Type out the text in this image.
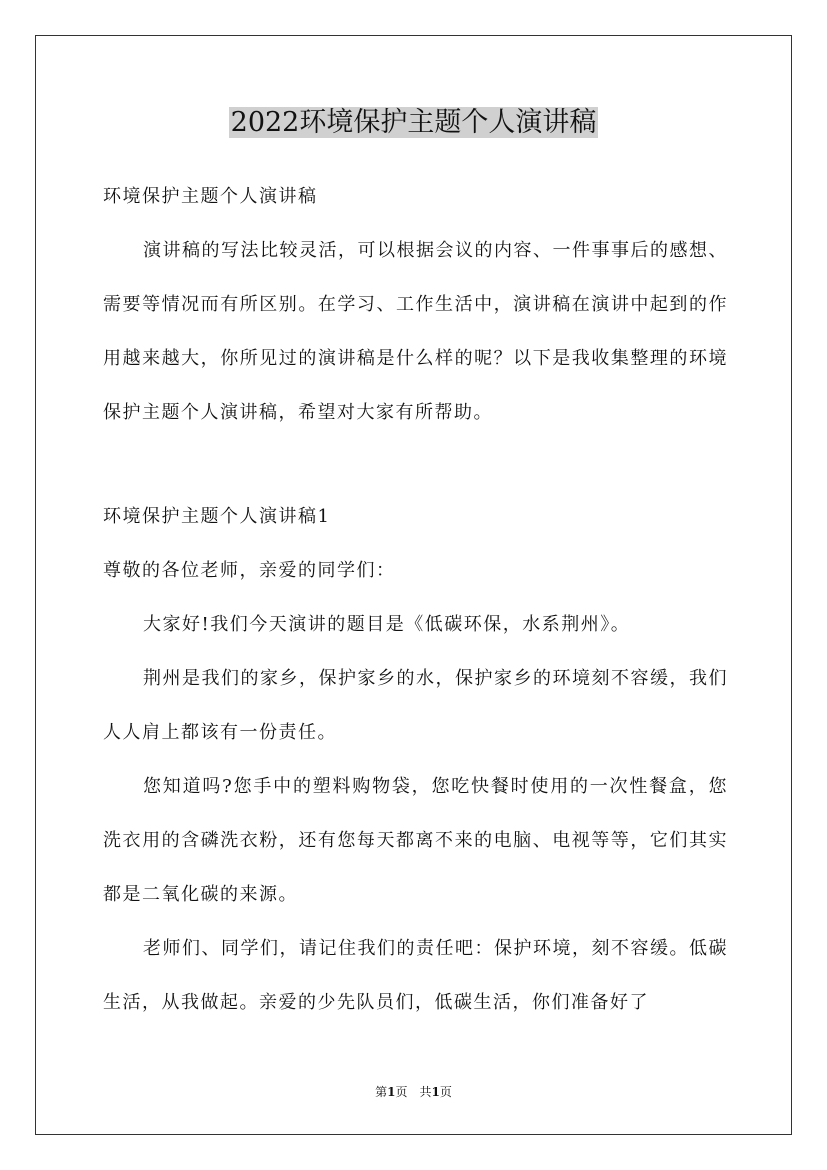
2022环境保护主题个人演讲稿

环境保护主题个人演讲稿

演讲稿的写法比较灵活，可以根据会议的内容、一件事事后的感想、需要等情况而有所区别。在学习、工作生活中，演讲稿在演讲中起到的作用越来越大，你所见过的演讲稿是什么样的呢？以下是我收集整理的环境保护主题个人演讲稿，希望对大家有所帮助。

环境保护主题个人演讲稿1

尊敬的各位老师，亲爱的同学们：

大家好!我们今天演讲的题目是《低碳环保，水系荆州》。

荆州是我们的家乡，保护家乡的水，保护家乡的环境刻不容缓，我们人人肩上都该有一份责任。

您知道吗?您手中的塑料购物袋，您吃快餐时使用的一次性餐盒，您洗衣用的含磷洗衣粉，还有您每天都离不来的电脑、电视等等，它们其实都是二氧化碳的来源。

老师们、同学们，请记住我们的责任吧：保护环境，刻不容缓。低碳生活，从我做起。亲爱的少先队员们，低碳生活，你们准备好了

第1页　共1页
